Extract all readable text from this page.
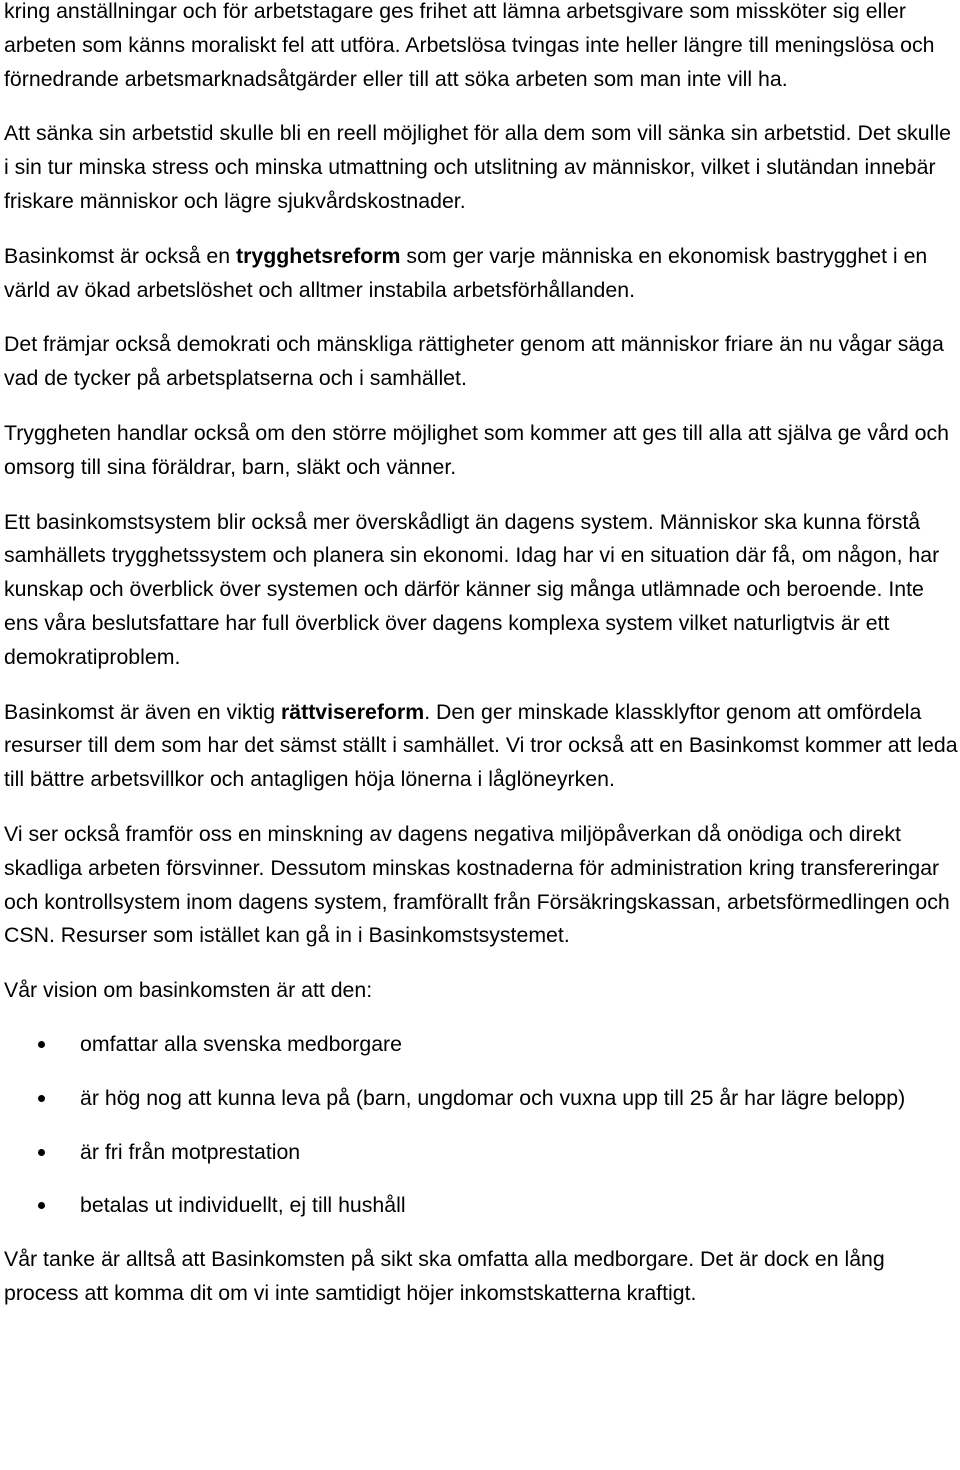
kring anställningar och för arbetstagare ges frihet att lämna arbetsgivare som missköter sig eller arbeten som känns moraliskt fel att utföra. Arbetslösa tvingas inte heller längre till meningslösa och förnedrande arbetsmarknadsåtgärder eller till att söka arbeten som man inte vill ha.

Att sänka sin arbetstid skulle bli en reell möjlighet för alla dem som vill sänka sin arbetstid. Det skulle i sin tur minska stress och minska utmattning och utslitning av människor, vilket i slutändan innebär friskare människor och lägre sjukvårdskostnader.

Basinkomst är också en trygghetsreform som ger varje människa en ekonomisk bastrygghet i en värld av ökad arbetslöshet och alltmer instabila arbetsförhållanden.

Det främjar också demokrati och mänskliga rättigheter genom att människor friare än nu vågar säga vad de tycker på arbetsplatserna och i samhället.

Tryggheten handlar också om den större möjlighet som kommer att ges till alla att själva ge vård och omsorg till sina föräldrar, barn, släkt och vänner.

Ett basinkomstsystem blir också mer överskådligt än dagens system. Människor ska kunna förstå samhällets trygghetssystem och planera sin ekonomi. Idag har vi en situation där få, om någon, har kunskap och överblick över systemen och därför känner sig många utlämnade och beroende. Inte ens våra beslutsfattare har full överblick över dagens komplexa system vilket naturligtvis är ett demokratiproblem.

Basinkomst är även en viktig rättvisereform. Den ger minskade klassklyftor genom att omfördela resurser till dem som har det sämst ställt i samhället. Vi tror också att en Basinkomst kommer att leda till bättre arbetsvillkor och antagligen höja lönerna i låglöneyrken.

Vi ser också framför oss en minskning av dagens negativa miljöpåverkan då onödiga och direkt skadliga arbeten försvinner. Dessutom minskas kostnaderna för administration kring transfereringar och kontrollsystem inom dagens system, framförallt från Försäkringskassan, arbetsförmedlingen och CSN. Resurser som istället kan gå in i Basinkomstsystemet.

Vår vision om basinkomsten är att den:

omfattar alla svenska medborgare
är hög nog att kunna leva på (barn, ungdomar och vuxna upp till 25 år har lägre belopp)
är fri från motprestation
betalas ut individuellt, ej till hushåll

Vår tanke är alltså att Basinkomsten på sikt ska omfatta alla medborgare. Det är dock en lång process att komma dit om vi inte samtidigt höjer inkomstskatterna kraftigt.
